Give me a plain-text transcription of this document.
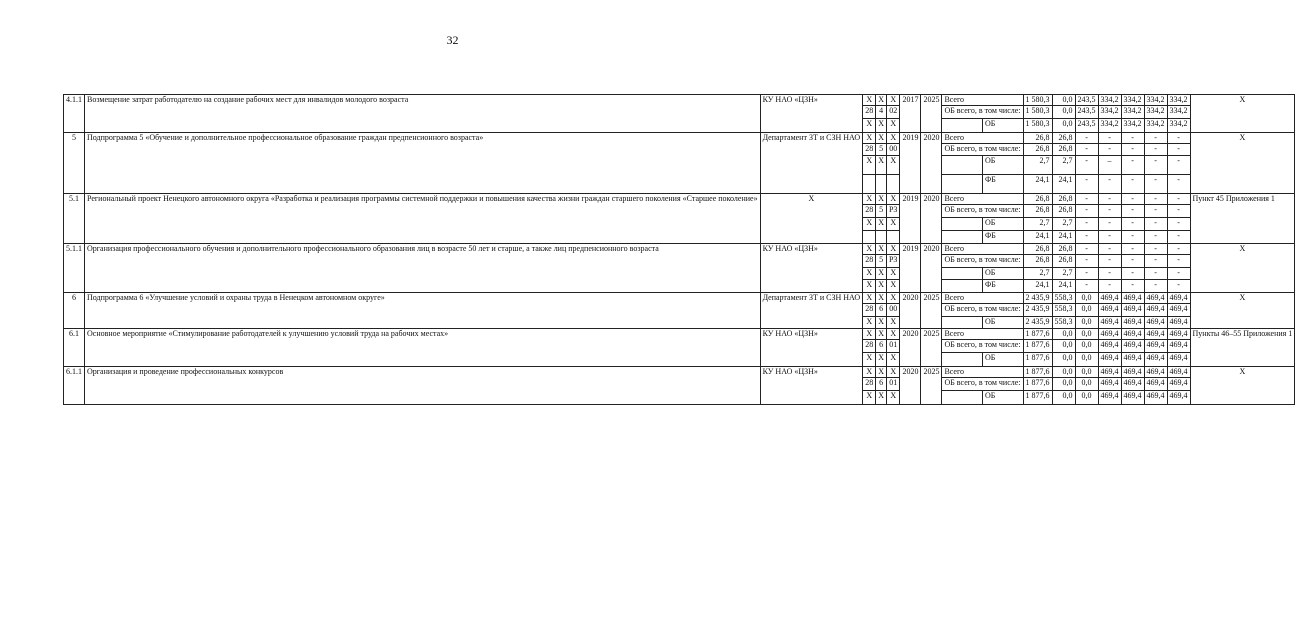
32
4.1.1	Возмещение затрат работодателю на создание рабочих мест для инвалидов молодого возраста	КУ НАО «ЦЗН»	Х	Х	Х	2017	2025	Всего		1 580,3	0,0	243,5	334,2	334,2	334,2	334,2	Х
			28	4	02			ОБ всего, в том числе:		1 580,3	0,0	243,5	334,2	334,2	334,2	334,2	
			Х	Х	Х				ОБ	1 580,3	0,0	243,5	334,2	334,2	334,2	334,2	
5	Подпрограмма 5 «Обучение и дополнительное профессиональное образование граждан предпенсионного возраста»	Департамент ЗТ и СЗН НАО	Х	Х	Х	2019	2020	Всего		26,8	26,8	-	-	-	-	-	Х
			28	5	00			ОБ всего, в том числе:		26,8	26,8	-	-	-	-	-	
			Х	Х	Х				ОБ	2,7	2,7	-	–	-	-	-	
									ФБ	24,1	24,1	-	-	-	-	-	
5.1	Региональный проект Ненецкого автономного округа «Разработка и реализация программы системной поддержки и повышения качества жизни граждан старшего поколения «Старшее поколение»	Х	Х	Х	Х	2019	2020	Всего		26,8	26,8	-	-	-	-	-	Пункт 45 Приложения 1
			28	5	Р3			ОБ всего, в том числе:		26,8	26,8	-	-	-	-	-	
			Х	Х	Х				ОБ	2,7	2,7	-	-	-	-	-	
									ФБ	24,1	24,1	-	-	-	-	-	
5.1.1	Организация профессионального обучения и дополнительного профессионального образования лиц в возрасте 50 лет и старше, а также лиц предпенсионного возраста	КУ НАО «ЦЗН»	Х	Х	Х	2019	2020	Всего		26,8	26,8	-	-	-	-	-	Х
			28	5	Р3			ОБ всего, в том числе:		26,8	26,8	-	-	-	-	-	
			Х	Х	Х				ОБ	2,7	2,7	-	-	-	-	-	
			Х	Х	Х				ФБ	24,1	24,1	-	-	-	-	-	
6	Подпрограмма 6 «Улучшение условий и охраны труда в Ненецком автономном округе»	Департамент ЗТ и СЗН НАО	Х	Х	Х	2020	2025	Всего		2 435,9	558,3	0,0	469,4	469,4	469,4	469,4	Х
			28	6	00			ОБ всего, в том числе:		2 435,9	558,3	0,0	469,4	469,4	469,4	469,4	
			Х	Х	Х				ОБ	2 435,9	558,3	0,0	469,4	469,4	469,4	469,4	
6.1	Основное мероприятие «Стимулирование работодателей к улучшению условий труда на рабочих местах»	КУ НАО «ЦЗН»	Х	Х	Х	2020	2025	Всего		1 877,6	0,0	0,0	469,4	469,4	469,4	469,4	Пункты 46–55 Приложения 1
			28	6	01			ОБ всего, в том числе:		1 877,6	0,0	0,0	469,4	469,4	469,4	469,4	
			Х	Х	Х				ОБ	1 877,6	0,0	0,0	469,4	469,4	469,4	469,4	
6.1.1	Организация и проведение профессиональных конкурсов	КУ НАО «ЦЗН»	Х	Х	Х	2020	2025	Всего		1 877,6	0,0	0,0	469,4	469,4	469,4	469,4	Х
			28	6	01			ОБ всего, в том числе:		1 877,6	0,0	0,0	469,4	469,4	469,4	469,4	
			Х	Х	Х				ОБ	1 877,6	0,0	0,0	469,4	469,4	469,4	469,4	
